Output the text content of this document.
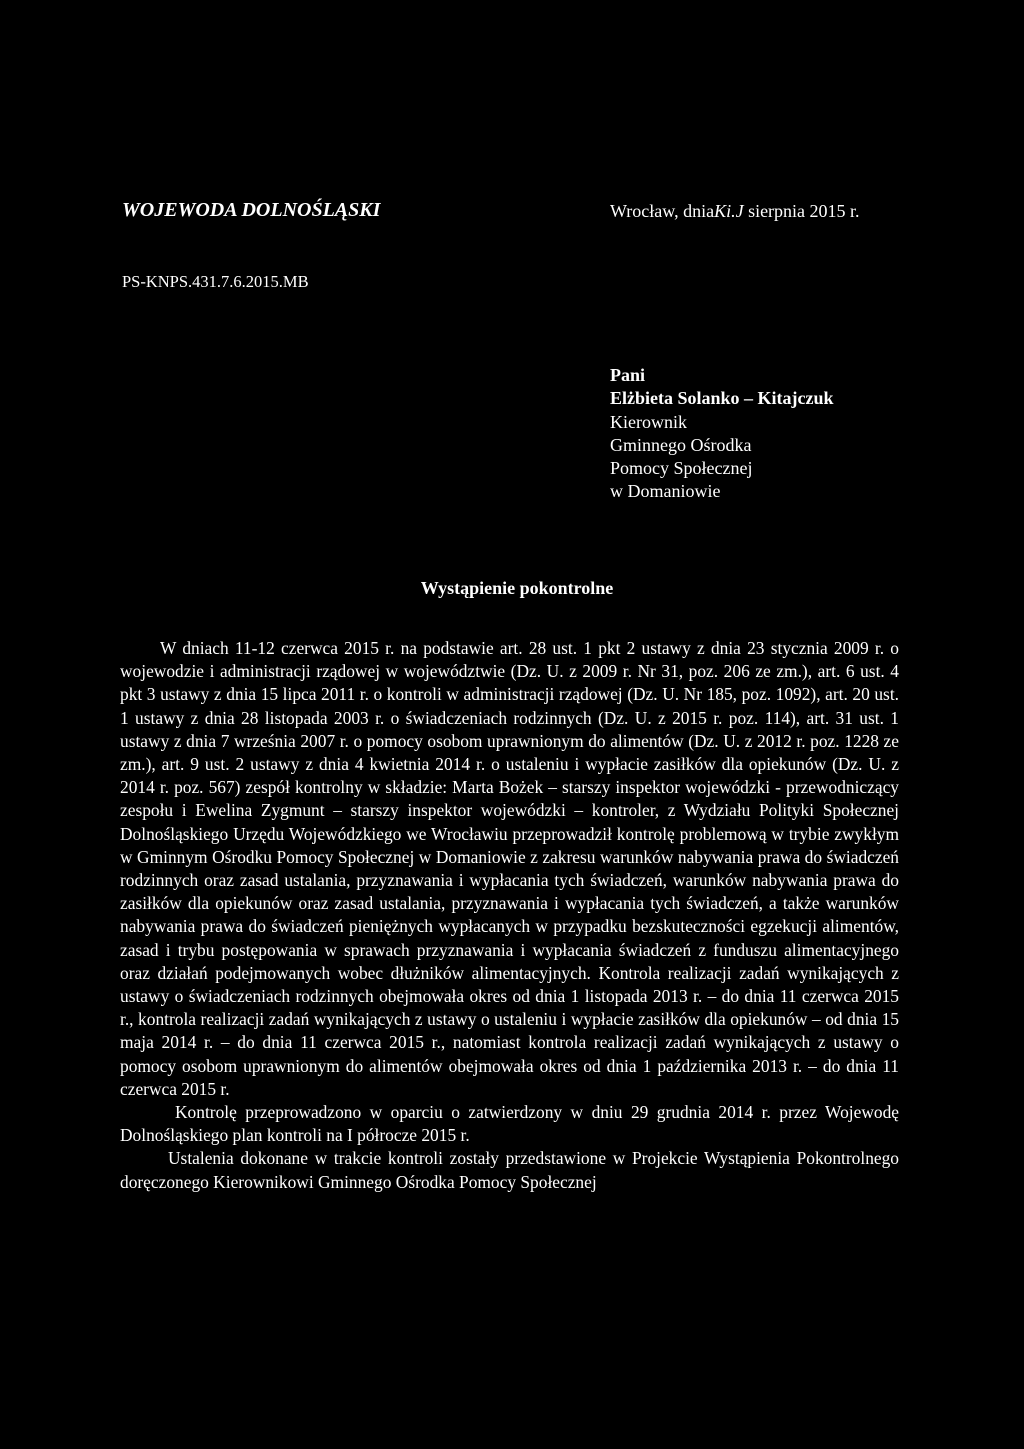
WOJEWODA DOLNOŚLĄSKI	Wrocław, dniaKi.J sierpnia 2015 r.
PS-KNPS.431.7.6.2015.MB
Pani
Elżbieta Solanko – Kitajczuk
Kierownik
Gminnego Ośrodka
Pomocy Społecznej
w Domaniowie
Wystąpienie pokontrolne

W dniach 11-12 czerwca 2015 r. na podstawie art. 28 ust. 1 pkt 2 ustawy z dnia 23 stycznia 2009 r. o wojewodzie i administracji rządowej w województwie (Dz. U. z 2009 r. Nr 31, poz. 206 ze zm.), art. 6 ust. 4 pkt 3 ustawy z dnia 15 lipca 2011 r. o kontroli w administracji rządowej (Dz. U. Nr 185, poz. 1092), art. 20 ust. 1 ustawy z dnia 28 listopada 2003 r. o świadczeniach rodzinnych (Dz. U. z 2015 r. poz. 114), art. 31 ust. 1 ustawy z dnia 7 września 2007 r. o pomocy osobom uprawnionym do alimentów (Dz. U. z 2012 r. poz. 1228 ze zm.), art. 9 ust. 2 ustawy z dnia 4 kwietnia 2014 r. o ustaleniu i wypłacie zasiłków dla opiekunów (Dz. U. z 2014 r. poz. 567) zespół kontrolny w składzie: Marta Bożek – starszy inspektor wojewódzki - przewodniczący zespołu i Ewelina Zygmunt – starszy inspektor wojewódzki – kontroler, z Wydziału Polityki Społecznej Dolnośląskiego Urzędu Wojewódzkiego we Wrocławiu przeprowadził kontrolę problemową w trybie zwykłym w Gminnym Ośrodku Pomocy Społecznej w Domaniowie z zakresu warunków nabywania prawa do świadczeń rodzinnych oraz zasad ustalania, przyznawania i wypłacania tych świadczeń, warunków nabywania prawa do zasiłków dla opiekunów oraz zasad ustalania, przyznawania i wypłacania tych świadczeń, a także warunków nabywania prawa do świadczeń pieniężnych wypłacanych w przypadku bezskuteczności egzekucji alimentów, zasad i trybu postępowania w sprawach przyznawania i wypłacania świadczeń z funduszu alimentacyjnego oraz działań podejmowanych wobec dłużników alimentacyjnych. Kontrola realizacji zadań wynikających z ustawy o świadczeniach rodzinnych obejmowała okres od dnia 1 listopada 2013 r. – do dnia 11 czerwca 2015 r., kontrola realizacji zadań wynikających z ustawy o ustaleniu i wypłacie zasiłków dla opiekunów – od dnia 15 maja 2014 r. – do dnia 11 czerwca 2015 r., natomiast kontrola realizacji zadań wynikających z ustawy o pomocy osobom uprawnionym do alimentów obejmowała okres od dnia 1 października 2013 r. – do dnia 11 czerwca 2015 r.

Kontrolę przeprowadzono w oparciu o zatwierdzony w dniu 29 grudnia 2014 r. przez Wojewodę Dolnośląskiego plan kontroli na I półrocze 2015 r.

Ustalenia dokonane w trakcie kontroli zostały przedstawione w Projekcie Wystąpienia Pokontrolnego doręczonego Kierownikowi Gminnego Ośrodka Pomocy Społecznej
